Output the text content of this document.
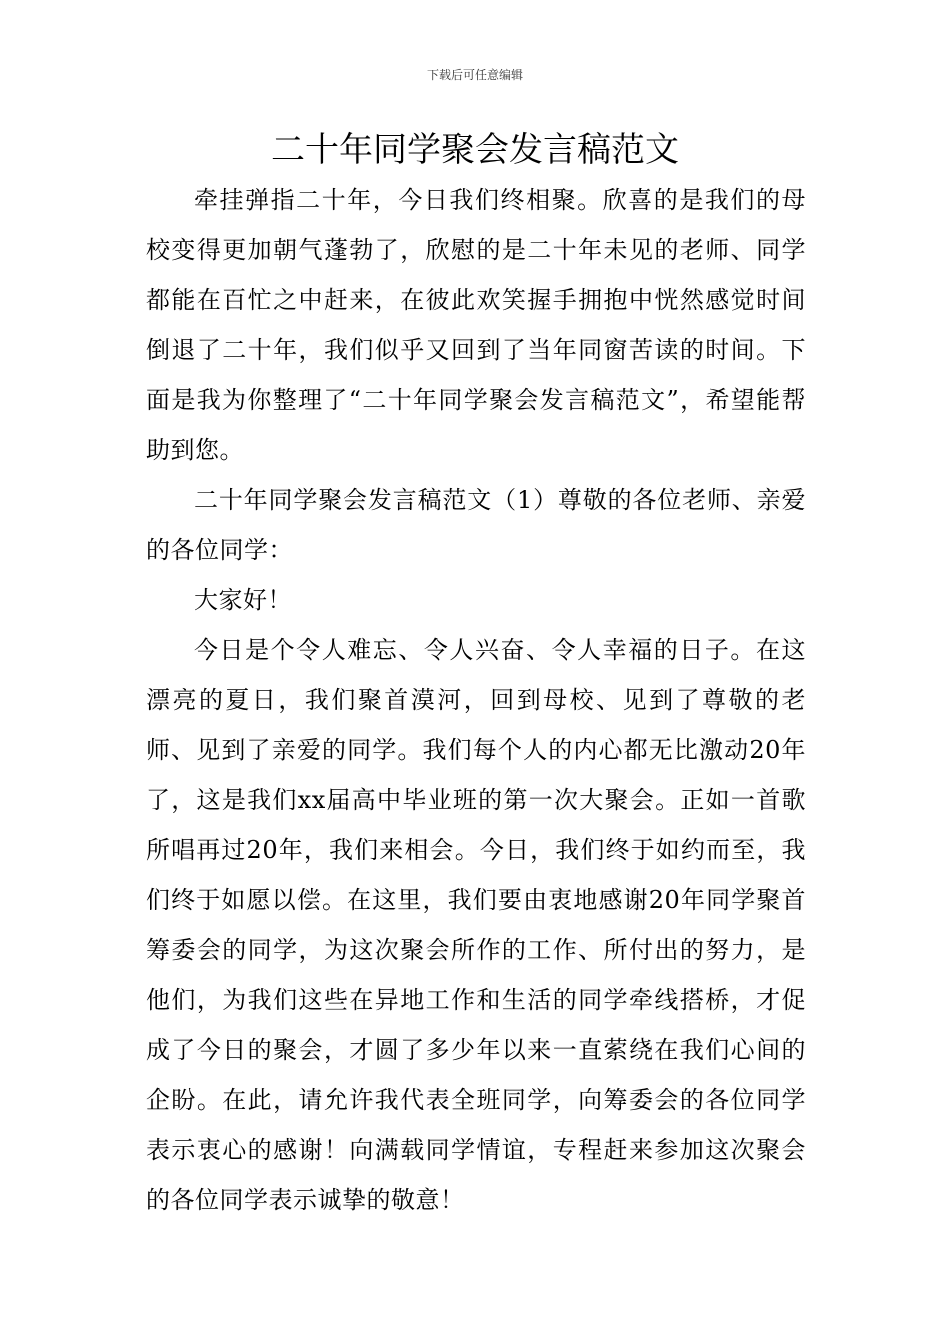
下载后可任意编辑
二十年同学聚会发言稿范文

牵挂弹指二十年，今日我们终相聚。欣喜的是我们的母校变得更加朝气蓬勃了，欣慰的是二十年未见的老师、同学都能在百忙之中赶来，在彼此欢笑握手拥抱中恍然感觉时间倒退了二十年，我们似乎又回到了当年同窗苦读的时间。下面是我为你整理了“二十年同学聚会发言稿范文”，希望能帮助到您。

二十年同学聚会发言稿范文（1）尊敬的各位老师、亲爱的各位同学：

大家好！

今日是个令人难忘、令人兴奋、令人幸福的日子。在这漂亮的夏日，我们聚首漠河，回到母校、见到了尊敬的老师、见到了亲爱的同学。我们每个人的内心都无比激动20年了，这是我们xx届高中毕业班的第一次大聚会。正如一首歌所唱再过20年，我们来相会。今日，我们终于如约而至，我们终于如愿以偿。在这里，我们要由衷地感谢20年同学聚首筹委会的同学，为这次聚会所作的工作、所付出的努力，是他们，为我们这些在异地工作和生活的同学牵线搭桥，才促成了今日的聚会，才圆了多少年以来一直萦绕在我们心间的企盼。在此，请允许我代表全班同学，向筹委会的各位同学表示衷心的感谢！向满载同学情谊，专程赶来参加这次聚会的各位同学表示诚挚的敬意！
